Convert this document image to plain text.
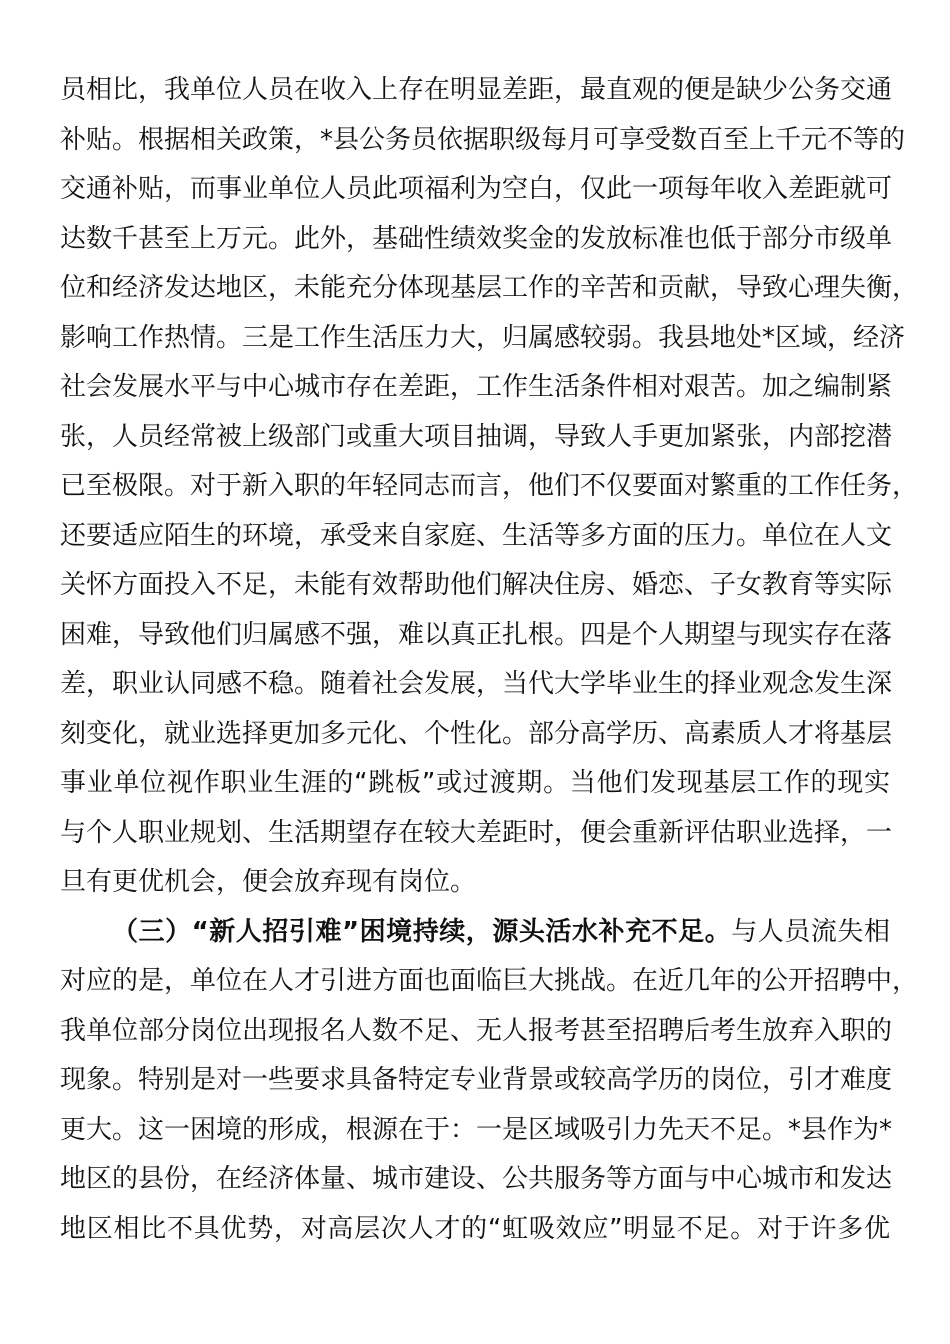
员相比，我单位人员在收入上存在明显差距，最直观的便是缺少公务交通
补贴。根据相关政策，*县公务员依据职级每月可享受数百至上千元不等的
交通补贴，而事业单位人员此项福利为空白，仅此一项每年收入差距就可
达数千甚至上万元。此外，基础性绩效奖金的发放标准也低于部分市级单
位和经济发达地区，未能充分体现基层工作的辛苦和贡献，导致心理失衡，
影响工作热情。三是工作生活压力大，归属感较弱。我县地处*区域，经济
社会发展水平与中心城市存在差距，工作生活条件相对艰苦。加之编制紧
张，人员经常被上级部门或重大项目抽调，导致人手更加紧张，内部挖潜
已至极限。对于新入职的年轻同志而言，他们不仅要面对繁重的工作任务，
还要适应陌生的环境，承受来自家庭、生活等多方面的压力。单位在人文
关怀方面投入不足，未能有效帮助他们解决住房、婚恋、子女教育等实际
困难，导致他们归属感不强，难以真正扎根。四是个人期望与现实存在落
差，职业认同感不稳。随着社会发展，当代大学毕业生的择业观念发生深
刻变化，就业选择更加多元化、个性化。部分高学历、高素质人才将基层
事业单位视作职业生涯的“跳板”或过渡期。当他们发现基层工作的现实
与个人职业规划、生活期望存在较大差距时，便会重新评估职业选择，一
旦有更优机会，便会放弃现有岗位。
（三）“新人招引难”困境持续，源头活水补充不足。与人员流失相
对应的是，单位在人才引进方面也面临巨大挑战。在近几年的公开招聘中，
我单位部分岗位出现报名人数不足、无人报考甚至招聘后考生放弃入职的
现象。特别是对一些要求具备特定专业背景或较高学历的岗位，引才难度
更大。这一困境的形成，根源在于：一是区域吸引力先天不足。*县作为*
地区的县份，在经济体量、城市建设、公共服务等方面与中心城市和发达
地区相比不具优势，对高层次人才的“虹吸效应”明显不足。对于许多优
